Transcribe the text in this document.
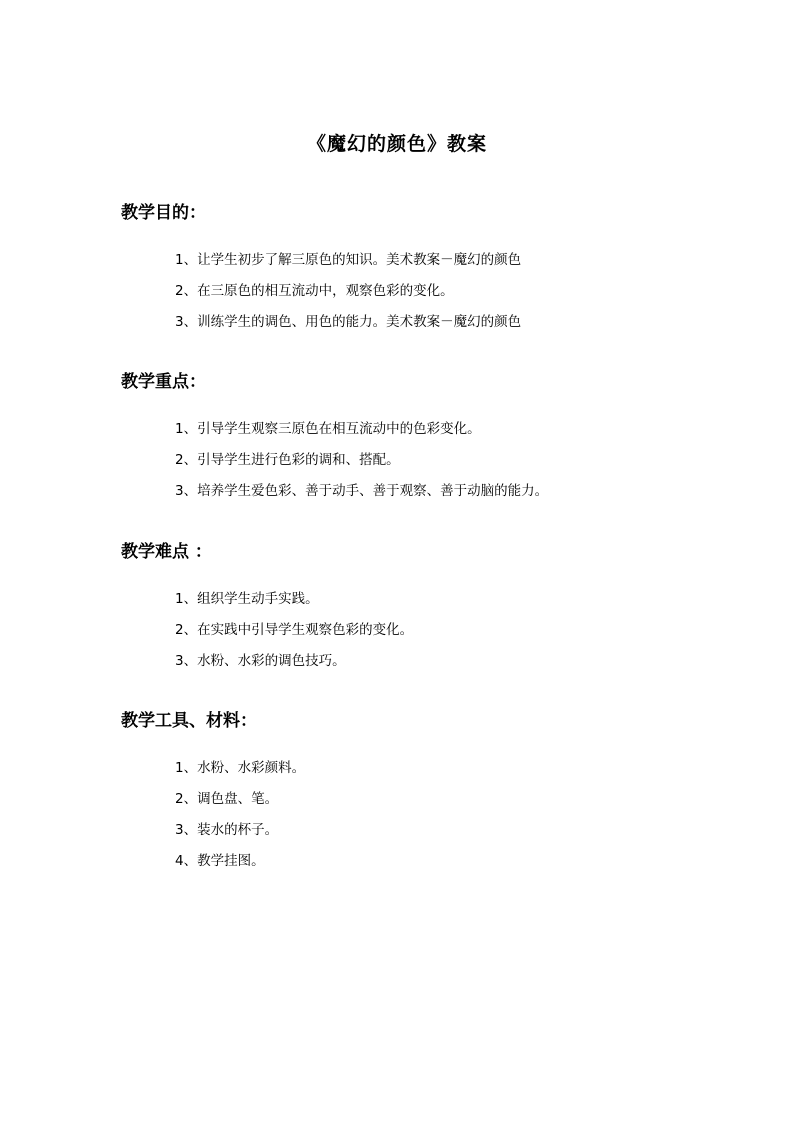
《魔幻的颜色》教案
教学目的：
1、让学生初步了解三原色的知识。美术教案－魔幻的颜色
2、在三原色的相互流动中，观察色彩的变化。
3、训练学生的调色、用色的能力。美术教案－魔幻的颜色
教学重点：
1、引导学生观察三原色在相互流动中的色彩变化。
2、引导学生进行色彩的调和、搭配。
3、培养学生爱色彩、善于动手、善于观察、善于动脑的能力。
教学难点 ：
1、组织学生动手实践。
2、在实践中引导学生观察色彩的变化。
3、水粉、水彩的调色技巧。
教学工具、材料：
1、水粉、水彩颜料。
2、调色盘、笔。
3、装水的杯子。
4、教学挂图。
